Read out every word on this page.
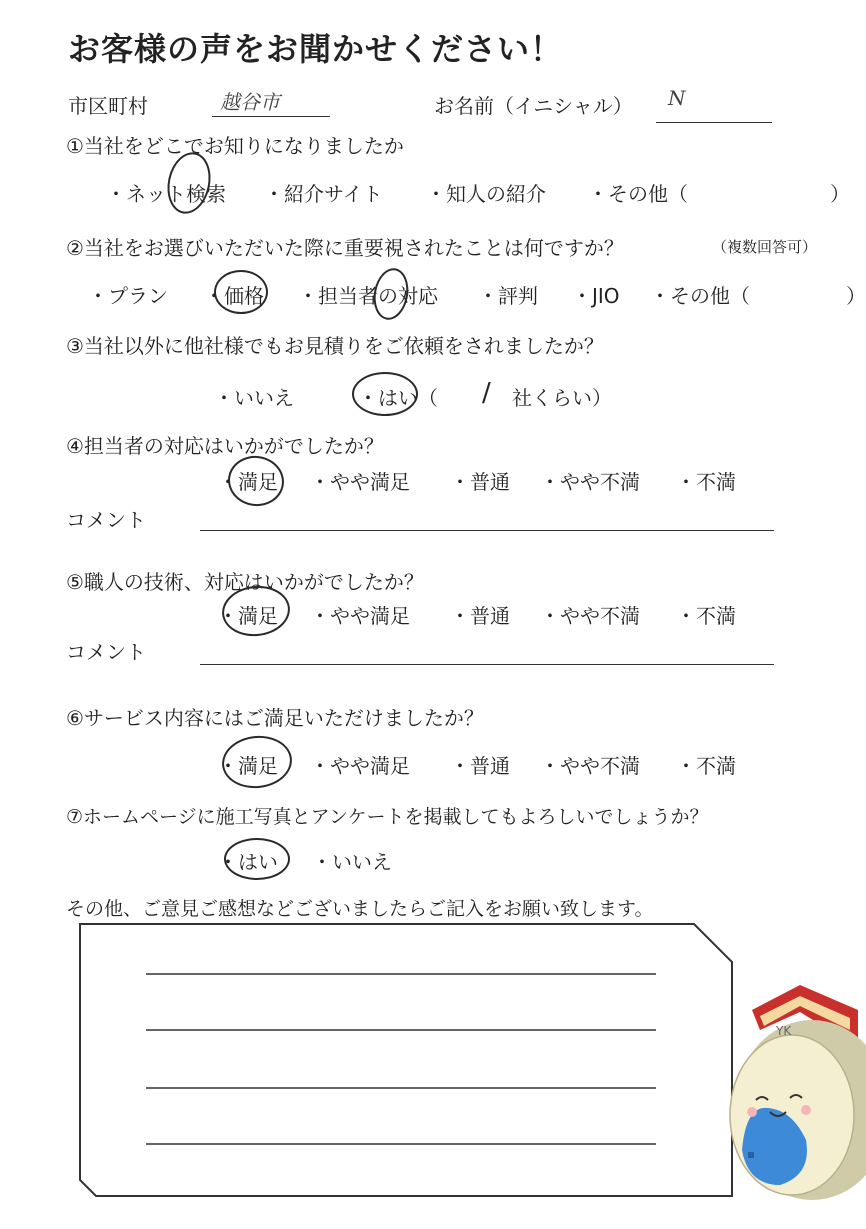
お客様の声をお聞かせください！
市区町村	越谷市	お名前（イニシャル） N
①当社をどこでお知りになりましたか
・ネット検索 ・紹介サイト ・知人の紹介 ・その他（	）
②当社をお選びいただいた際に重要視されたことは何ですか？	（複数回答可）
・プラン ・価格 ・担当者の対応 ・評判 ・JIO ・その他（	）
③当社以外に他社様でもお見積りをご依頼をされましたか？
・いいえ	・はい（ / 社くらい）
④担当者の対応はいかがでしたか？
・満足 ・やや満足 ・普通 ・やや不満 ・不満
コメント
⑤職人の技術、対応はいかがでしたか？
・満足 ・やや満足 ・普通 ・やや不満 ・不満
コメント
⑥サービス内容にはご満足いただけましたか？
・満足 ・やや満足 ・普通 ・やや不満 ・不満
⑦ホームページに施工写真とアンケートを掲載してもよろしいでしょうか？
・はい ・いいえ
その他、ご意見ご感想などございましたらご記入をお願い致します。
YK
